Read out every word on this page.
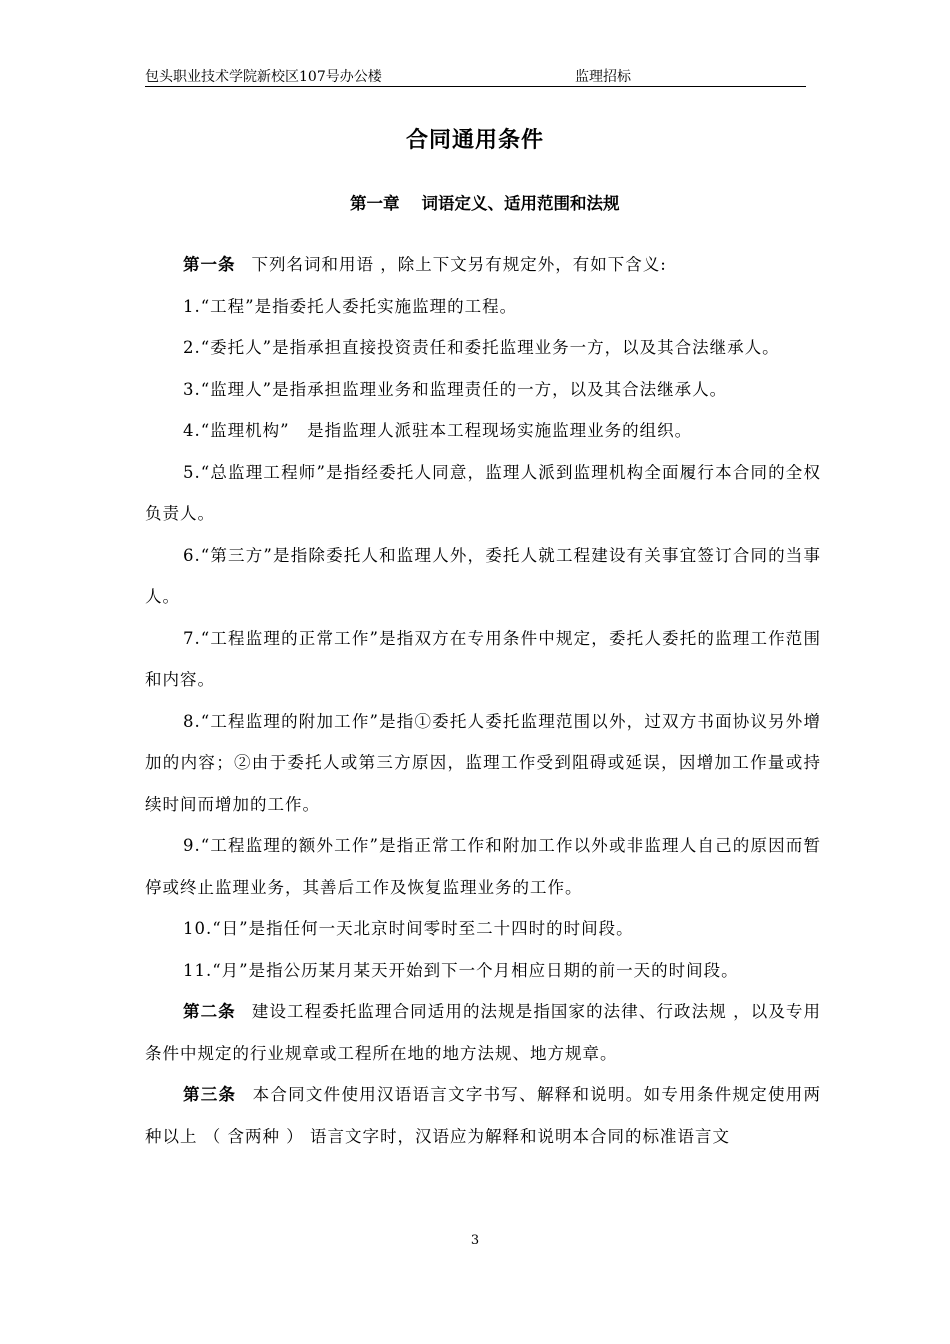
包头职业技术学院新校区107号办公楼	监理招标
合同通用条件
第一章 词语定义、适用范围和法规

第一条 下列名词和用语 ，除上下文另有规定外，有如下含义:

1.“工程”是指委托人委托实施监理的工程。

2.“委托人”是指承担直接投资责任和委托监理业务一方，以及其合法继承人。

3.“监理人”是指承担监理业务和监理责任的一方，以及其合法继承人。

4.“监理机构”　是指监理人派驻本工程现场实施监理业务的组织。

5.“总监理工程师”是指经委托人同意，监理人派到监理机构全面履行本合同的全权负责人。

6.“第三方”是指除委托人和监理人外，委托人就工程建设有关事宜签订合同的当事人。

7.“工程监理的正常工作”是指双方在专用条件中规定，委托人委托的监理工作范围和内容。

8.“工程监理的附加工作”是指①委托人委托监理范围以外，过双方书面协议另外增加的内容；②由于委托人或第三方原因，监理工作受到阻碍或延误，因增加工作量或持续时间而增加的工作。

9.“工程监理的额外工作”是指正常工作和附加工作以外或非监理人自己的原因而暂停或终止监理业务，其善后工作及恢复监理业务的工作。

10.“日”是指任何一天北京时间零时至二十四时的时间段。

11.“月”是指公历某月某天开始到下一个月相应日期的前一天的时间段。

第二条 建设工程委托监理合同适用的法规是指国家的法律、行政法规 ，以及专用条件中规定的行业规章或工程所在地的地方法规、地方规章。

第三条 本合同文件使用汉语语言文字书写、解释和说明。如专用条件规定使用两种以上 （ 含两种 ） 语言文字时，汉语应为解释和说明本合同的标准语言文

3
